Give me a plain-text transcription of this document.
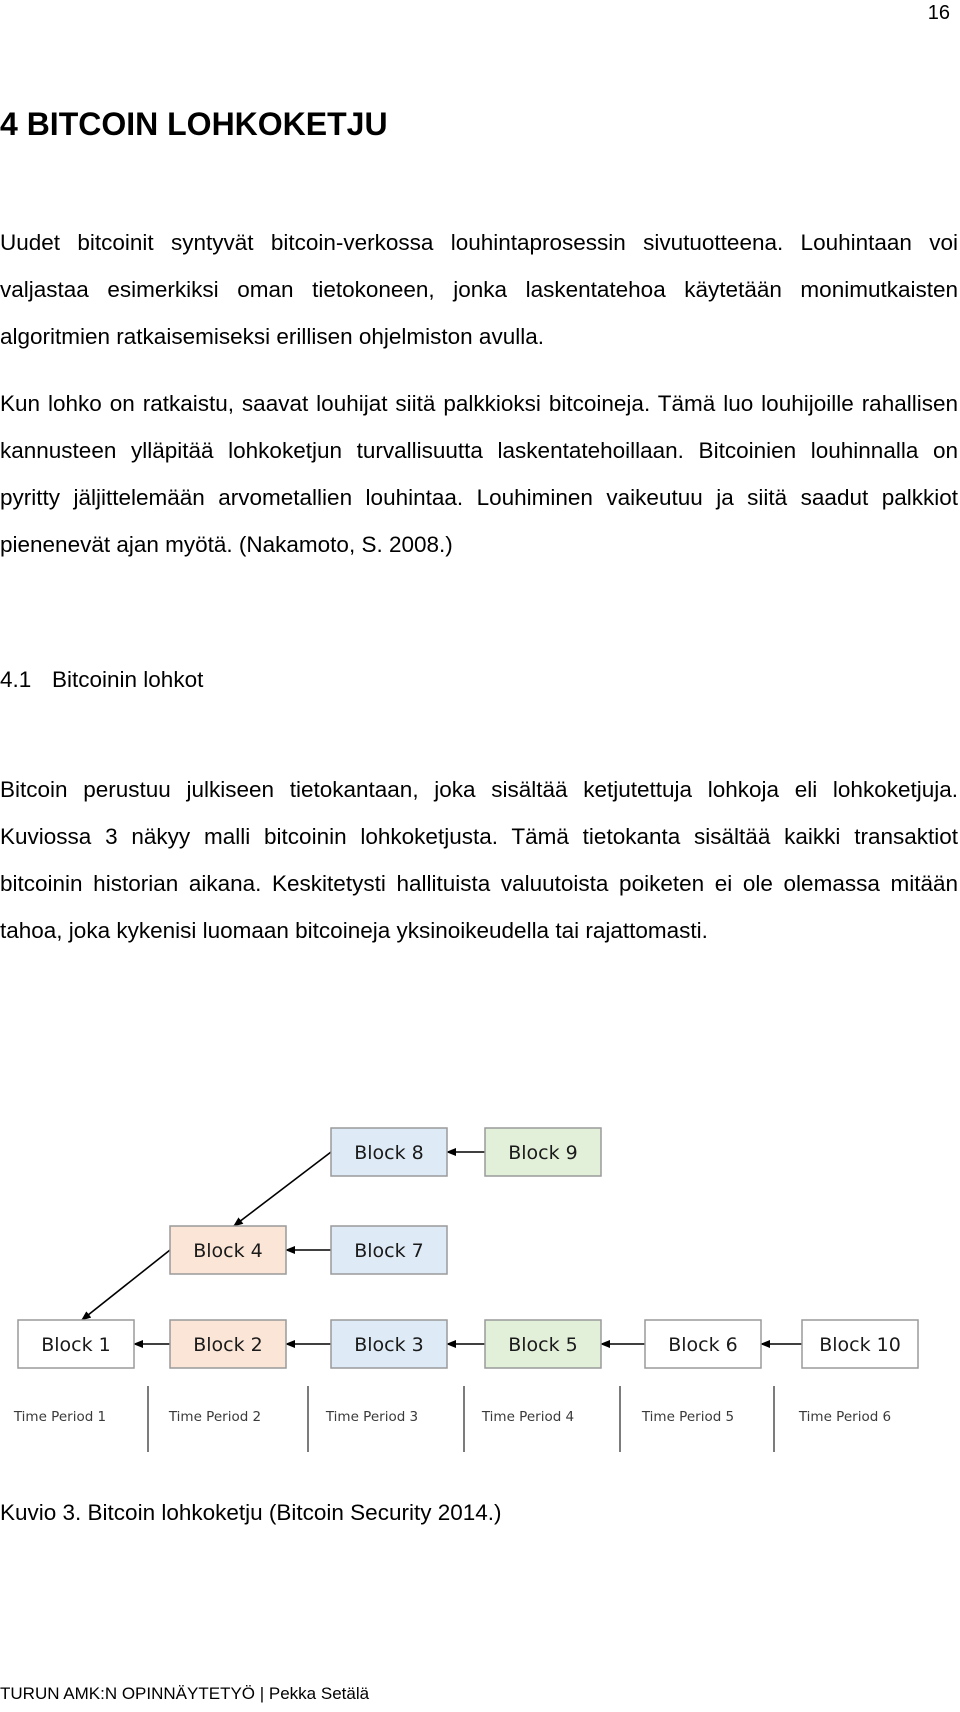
16
4 BITCOIN LOHKOKETJU

Uudet bitcoinit syntyvät bitcoin-verkossa louhintaprosessin sivutuotteena. Louhintaan voi valjastaa esimerkiksi oman tietokoneen, jonka laskentatehoa käytetään monimutkaisten algoritmien ratkaisemiseksi erillisen ohjelmiston avulla.

Kun lohko on ratkaistu, saavat louhijat siitä palkkioksi bitcoineja. Tämä luo louhijoille rahallisen kannusteen ylläpitää lohkoketjun turvallisuutta laskentatehoillaan. Bitcoinien louhinnalla on pyritty jäljittelemään arvometallien louhintaa. Louhiminen vaikeutuu ja siitä saadut palkkiot pienenevät ajan myötä. (Nakamoto, S. 2008.)

4.1 Bitcoinin lohkot

Bitcoin perustuu julkiseen tietokantaan, joka sisältää ketjutettuja lohkoja eli lohkoketjuja. Kuviossa 3 näkyy malli bitcoinin lohkoketjusta. Tämä tietokanta sisältää kaikki transaktiot bitcoinin historian aikana. Keskitetysti hallituista valuutoista poiketen ei ole olemassa mitään tahoa, joka kykenisi luomaan bitcoineja yksinoikeudella tai rajattomasti.

Block 1	Block 2	Block 3	Block 5	Block 6	Block 10
Block 4	Block 7
Block 8	Block 9
Time Period 1	Time Period 2	Time Period 3	Time Period 4	Time Period 5	Time Period 6

Kuvio 3. Bitcoin lohkoketju (Bitcoin Security 2014.)

TURUN AMK:N OPINNÄYTETYÖ | Pekka Setälä
